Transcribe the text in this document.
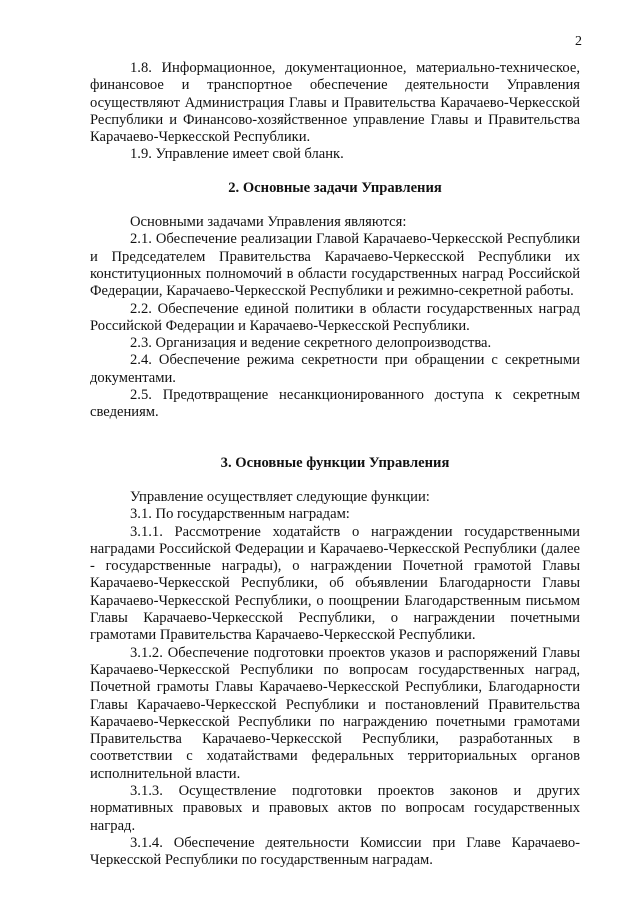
2

1.8. Информационное, документационное, материально-техническое, финансовое и транспортное обеспечение деятельности Управления осуществляют Администрация Главы и Правительства Карачаево-Черкесской Республики и Финансово-хозяйственное управление Главы и Правительства Карачаево-Черкесской Республики.

1.9. Управление имеет свой бланк.

2. Основные задачи Управления

Основными задачами Управления являются:

2.1. Обеспечение реализации Главой Карачаево-Черкесской Республики и Председателем Правительства Карачаево-Черкесской Республики их конституционных полномочий в области государственных наград Российской Федерации, Карачаево-Черкесской Республики и режимно-секретной работы.

2.2. Обеспечение единой политики в области государственных наград Российской Федерации и Карачаево-Черкесской Республики.

2.3. Организация и ведение секретного делопроизводства.

2.4. Обеспечение режима секретности при обращении с секретными документами.

2.5. Предотвращение несанкционированного доступа к секретным сведениям.

3. Основные функции Управления

Управление осуществляет следующие функции:

3.1. По государственным наградам:

3.1.1. Рассмотрение ходатайств о награждении государственными наградами Российской Федерации и Карачаево-Черкесской Республики (далее - государственные награды), о награждении Почетной грамотой Главы Карачаево-Черкесской Республики, об объявлении Благодарности Главы Карачаево-Черкесской Республики, о поощрении Благодарственным письмом Главы Карачаево-Черкесской Республики, о награждении почетными грамотами Правительства Карачаево-Черкесской Республики.

3.1.2. Обеспечение подготовки проектов указов и распоряжений Главы Карачаево-Черкесской Республики по вопросам государственных наград, Почетной грамоты Главы Карачаево-Черкесской Республики, Благодарности Главы Карачаево-Черкесской Республики и постановлений Правительства Карачаево-Черкесской Республики по награждению почетными грамотами Правительства Карачаево-Черкесской Республики, разработанных в соответствии с ходатайствами федеральных территориальных органов исполнительной власти.

3.1.3. Осуществление подготовки проектов законов и других нормативных правовых и правовых актов по вопросам государственных наград.

3.1.4. Обеспечение деятельности Комиссии при Главе Карачаево-Черкесской Республики по государственным наградам.
